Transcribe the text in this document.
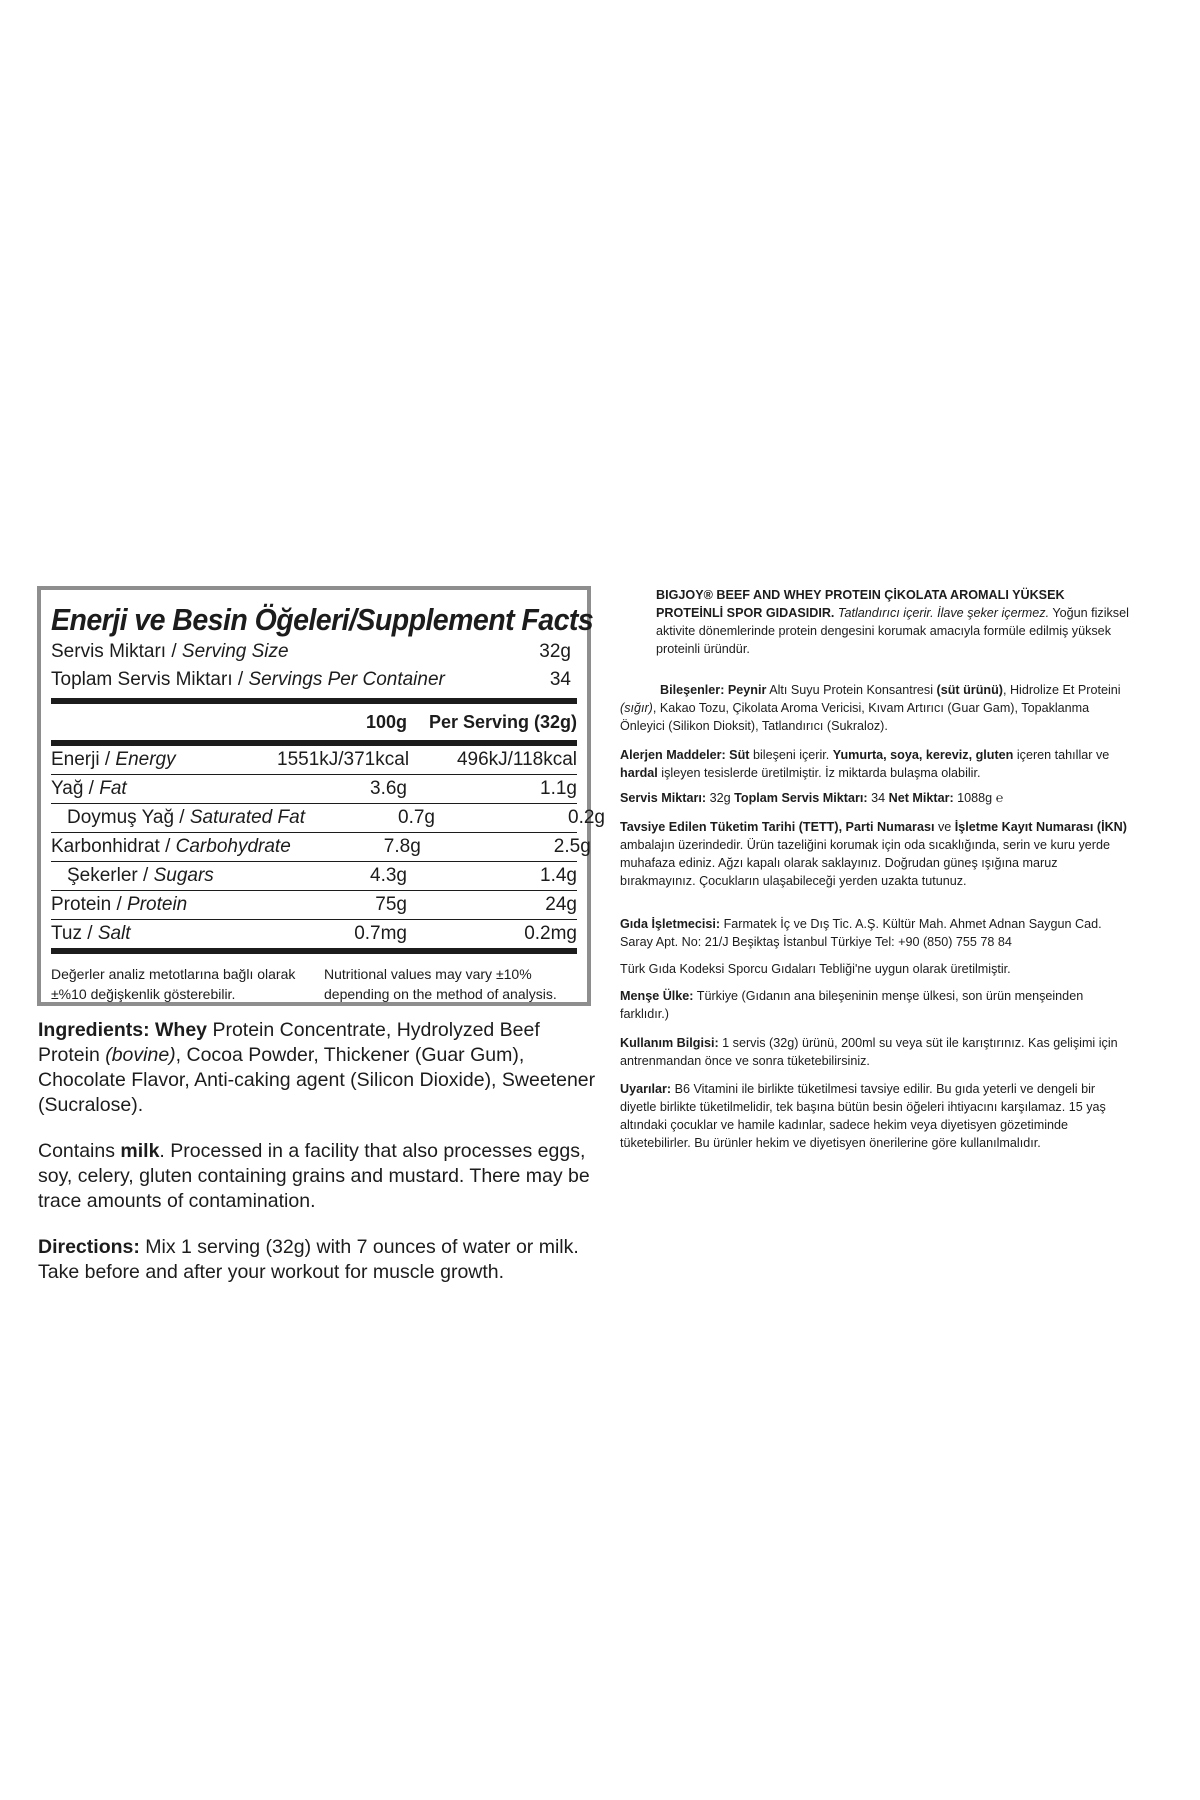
Enerji ve Besin Öğeleri/Supplement Facts
Servis Miktarı / Serving Size	32g
Toplam Servis Miktarı / Servings Per Container	34
100g	Per Serving (32g)
Enerji / Energy	1551kJ/371kcal	496kJ/118kcal
Yağ / Fat	3.6g	1.1g
Doymuş Yağ / Saturated Fat	0.7g	0.2g
Karbonhidrat / Carbohydrate	7.8g	2.5g
Şekerler / Sugars	4.3g	1.4g
Protein / Protein	75g	24g
Tuz / Salt	0.7mg	0.2mg
Değerler analiz metotlarına bağlı olarak ±%10 değişkenlik gösterebilir.
Nutritional values may vary ±10% depending on the method of analysis.

Ingredients: Whey Protein Concentrate, Hydrolyzed Beef Protein (bovine), Cocoa Powder, Thickener (Guar Gum), Chocolate Flavor, Anti-caking agent (Silicon Dioxide), Sweetener (Sucralose).

Contains milk. Processed in a facility that also processes eggs, soy, celery, gluten containing grains and mustard. There may be trace amounts of contamination.

Directions: Mix 1 serving (32g) with 7 ounces of water or milk. Take before and after your workout for muscle growth.

BIGJOY® BEEF AND WHEY PROTEIN ÇİKOLATA AROMALI YÜKSEK PROTEİNLİ SPOR GIDASIDIR. Tatlandırıcı içerir. İlave şeker içermez. Yoğun fiziksel aktivite dönemlerinde protein dengesini korumak amacıyla formüle edilmiş yüksek proteinli üründür.

Bileşenler: Peynir Altı Suyu Protein Konsantresi (süt ürünü), Hidrolize Et Proteini (sığır), Kakao Tozu, Çikolata Aroma Vericisi, Kıvam Artırıcı (Guar Gam), Topaklanma Önleyici (Silikon Dioksit), Tatlandırıcı (Sukraloz).

Alerjen Maddeler: Süt bileşeni içerir. Yumurta, soya, kereviz, gluten içeren tahıllar ve hardal işleyen tesislerde üretilmiştir. İz miktarda bulaşma olabilir.

Servis Miktarı: 32g Toplam Servis Miktarı: 34 Net Miktar: 1088g ℮

Tavsiye Edilen Tüketim Tarihi (TETT), Parti Numarası ve İşletme Kayıt Numarası (İKN) ambalajın üzerindedir. Ürün tazeliğini korumak için oda sıcaklığında, serin ve kuru yerde muhafaza ediniz. Ağzı kapalı olarak saklayınız. Doğrudan güneş ışığına maruz bırakmayınız. Çocukların ulaşabileceği yerden uzakta tutunuz.

Gıda İşletmecisi: Farmatek İç ve Dış Tic. A.Ş. Kültür Mah. Ahmet Adnan Saygun Cad. Saray Apt. No: 21/J Beşiktaş İstanbul Türkiye Tel: +90 (850) 755 78 84

Türk Gıda Kodeksi Sporcu Gıdaları Tebliği'ne uygun olarak üretilmiştir.

Menşe Ülke: Türkiye (Gıdanın ana bileşeninin menşe ülkesi, son ürün menşeinden farklıdır.)

Kullanım Bilgisi: 1 servis (32g) ürünü, 200ml su veya süt ile karıştırınız. Kas gelişimi için antrenmandan önce ve sonra tüketebilirsiniz.

Uyarılar: B6 Vitamini ile birlikte tüketilmesi tavsiye edilir. Bu gıda yeterli ve dengeli bir diyetle birlikte tüketilmelidir, tek başına bütün besin öğeleri ihtiyacını karşılamaz. 15 yaş altındaki çocuklar ve hamile kadınlar, sadece hekim veya diyetisyen gözetiminde tüketebilirler. Bu ürünler hekim ve diyetisyen önerilerine göre kullanılmalıdır.
